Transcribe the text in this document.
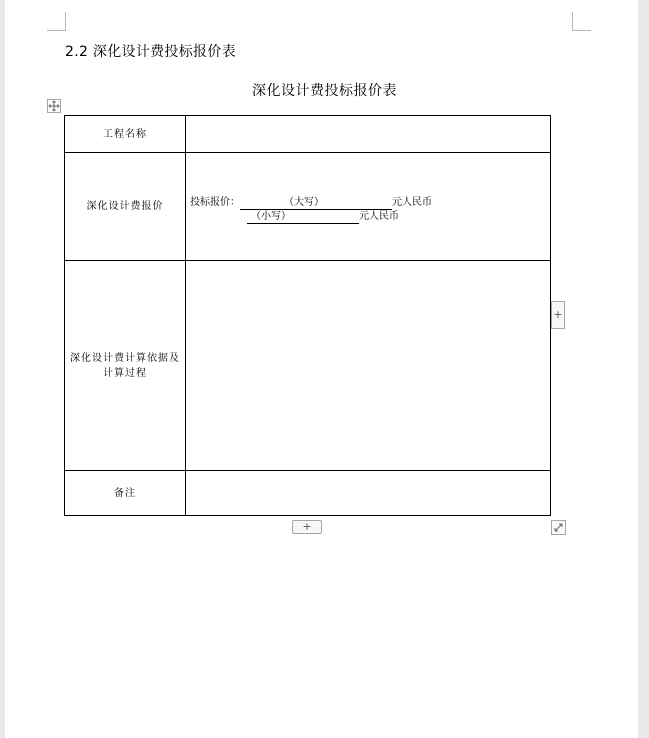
2.2 深化设计费投标报价表
深化设计费投标报价表
工程名称	
深化设计费报价	投标报价： （大写） 元人民币
（小写） 元人民币

深化设计费计算依据及计算过程	
备注	
+
+
